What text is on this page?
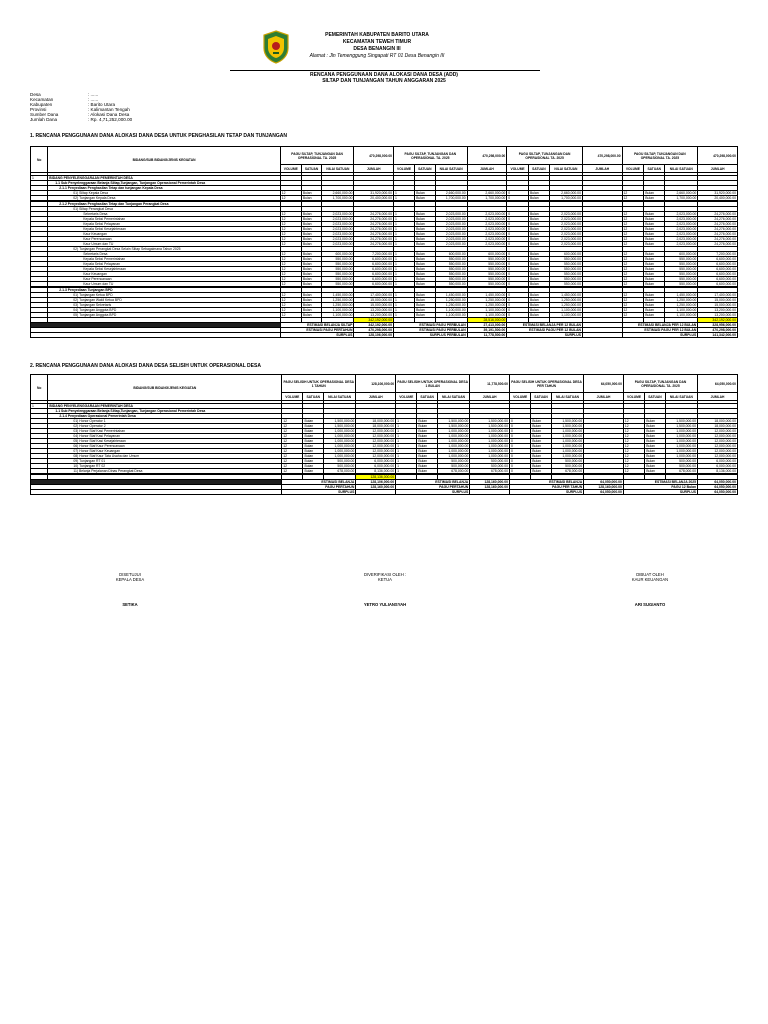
PEMERINTAH KABUPATEN BARITO UTARA
KECAMATAN TEWEH TIMUR
DESA BENANGIN III
Alamat : Jln Temenggung Singapati RT 01 Desa Benangin III
RENCANA PENGGUNAAN DANA ALOKASI DANA DESA (ADD)
SILTAP DAN TUNJANGAN TAHUN ANGGARAN 2025
Desa	: ......
Kecamatan	: ......
Kabupaten	: Barito Utara
Provinsi	: Kalimantan Tengah
Sumber Dana	: Alokasi Dana Desa
Jumlah Dana	: Rp. 4,71,252,000.00
1. RENCANA PENGGUNAAN DANA ALOKASI DANA DESA UNTUK PENGHASILAN TETAP DAN TUNJANGAN
No	BIDANG/SUB BIDANG/JENIS KEGIATAN	PAGU SILTAP, TUNJANGAN DAN OPERASIONAL TA. 2025			470,298,000.00	PAGU SILTAP, TUNJANGAN DAN OPERASIONAL TA. 2025			470,298,000.00	PAGU SILTAP, TUNJANGAN DAN OPERASIONAL TA. 2025			470,298,000.00	PAGU SILTAP, TUNJANGAN DAN OPERASIONAL TA. 2025			470,298,000.00
		VOLUME	SATUAN	NILAI SATUAN	JUMLAH	VOLUME	SATUAN	NILAI SATUAN	JUMLAH	VOLUME	SATUAN	NILAI SATUAN	JUMLAH	VOLUME	SATUAN	NILAI SATUAN	JUMLAH

1	BIDANG PENYELENGGARAAN PEMERINTAH DESA																
	1.1 Sub Penyelenggaraan Belanja Siltap,Tunjangan, Tunjangan Operasional Pemerintah Desa																
	2.1.1 Penyediaan Penghasilan Tetap dan tunjangan Kepala Desa																
	01) Siltap Kepala Desa	12	Bulan	2,660,000.00	31,920,000.00	1	Bulan	2,660,000.00	2,660,000.00	0	Bulan	2,660,000.00		12	Bulan	2,660,000.00	31,920,000.00
	02) Tunjangan Kepala Desa	12	Bulan	1,700,000.00	20,400,000.00	1	Bulan	1,700,000.00	1,700,000.00	0	Bulan	1,700,000.00		12	Bulan	1,700,000.00	20,400,000.00

	2.1.2 Penyediaan Penghasilan Tetap dan Tunjangan Perangkat Desa																
	01) Siltap Perangkat Desa																
	Sekretaris Desa	12	Bulan	2,023,000.00	24,276,000.00	1	Bulan	2,023,000.00	2,023,000.00	0	Bulan	2,023,000.00		12	Bulan	2,023,000.00	24,276,000.00
	Kepala Seksi Pemerintahan	12	Bulan	2,023,000.00	24,276,000.00	1	Bulan	2,023,000.00	2,023,000.00	0	Bulan	2,023,000.00		12	Bulan	2,023,000.00	24,276,000.00
	Kepala Seksi Pelayanan	12	Bulan	2,023,000.00	24,276,000.00	1	Bulan	2,023,000.00	2,023,000.00	0	Bulan	2,023,000.00		12	Bulan	2,023,000.00	24,276,000.00
	Kepala Seksi Kesejahteraan	12	Bulan	2,023,000.00	24,276,000.00	1	Bulan	2,023,000.00	2,023,000.00	0	Bulan	2,023,000.00		12	Bulan	2,023,000.00	24,276,000.00
	Kaur Keuangan	12	Bulan	2,023,000.00	24,276,000.00	1	Bulan	2,023,000.00	2,023,000.00	0	Bulan	2,023,000.00		12	Bulan	2,023,000.00	24,276,000.00
	Kaur Perencanaan	12	Bulan	2,023,000.00	24,276,000.00	1	Bulan	2,023,000.00	2,023,000.00	0	Bulan	2,023,000.00		12	Bulan	2,023,000.00	24,276,000.00
	Kaur Umum dan TU	12	Bulan	2,023,000.00	24,276,000.00	1	Bulan	2,023,000.00	2,023,000.00	0	Bulan	2,023,000.00		12	Bulan	2,023,000.00	24,276,000.00
	02) Tunjangan Perangkat Desa Selain Siltap Sebagaimana Tahun 2025																
	Sekretaris Desa	12	Bulan	600,000.00	7,200,000.00	1	Bulan	600,000.00	600,000.00	0	Bulan	600,000.00		12	Bulan	600,000.00	7,200,000.00
	Kepala Seksi Pemerintahan	12	Bulan	550,000.00	6,600,000.00	1	Bulan	550,000.00	550,000.00	0	Bulan	550,000.00		12	Bulan	550,000.00	6,600,000.00
	Kepala Seksi Pelayanan	12	Bulan	550,000.00	6,600,000.00	1	Bulan	550,000.00	550,000.00	0	Bulan	550,000.00		12	Bulan	550,000.00	6,600,000.00
	Kepala Seksi Kesejahteraan	12	Bulan	550,000.00	6,600,000.00	1	Bulan	550,000.00	550,000.00	0	Bulan	550,000.00		12	Bulan	550,000.00	6,600,000.00
	Kaur Keuangan	12	Bulan	550,000.00	6,600,000.00	1	Bulan	550,000.00	550,000.00	0	Bulan	550,000.00		12	Bulan	550,000.00	6,600,000.00
	Kaur Perencanaan	12	Bulan	550,000.00	6,600,000.00	1	Bulan	550,000.00	550,000.00	0	Bulan	550,000.00		12	Bulan	550,000.00	6,600,000.00
	Kaur Umum dan TU	12	Bulan	550,000.00	6,600,000.00	1	Bulan	550,000.00	550,000.00	0	Bulan	550,000.00		12	Bulan	550,000.00	6,600,000.00

	2.1.3 Penyediaan Tunjangan BPD																
	01) Tunjangan Ketua BPD	12	Bulan	1,450,000.00	17,400,000.00	1	Bulan	1,450,000.00	1,450,000.00	0	Bulan	1,450,000.00		12	Bulan	1,450,000.00	17,400,000.00
	02) Tunjangan Wakil Ketua BPD	12	Bulan	1,250,000.00	15,000,000.00	1	Bulan	1,250,000.00	1,250,000.00	0	Bulan	1,250,000.00		12	Bulan	1,250,000.00	15,000,000.00
	03) Tunjangan Sekretaris	12	Bulan	1,250,000.00	15,000,000.00	1	Bulan	1,250,000.00	1,250,000.00	0	Bulan	1,250,000.00		12	Bulan	1,250,000.00	15,000,000.00
	04) Tunjangan Anggota BPD	12	Bulan	1,100,000.00	13,200,000.00	1	Bulan	1,100,000.00	1,100,000.00	0	Bulan	1,100,000.00		12	Bulan	1,100,000.00	13,200,000.00
	05) Tunjangan Anggota BPD	12	Bulan	1,100,000.00	13,200,000.00	1	Bulan	1,100,000.00	1,100,000.00	0	Bulan	1,100,000.00		12	Bulan	1,100,000.00	13,200,000.00
					342,192,000.00				28,516,000.00								342,192,000.00
		ESTIMASI BELANJA SILTAP			342,192,000.00	ESTIMASI PAGU PERBULAN			27,413,000.00	ESTIMASI BELANJA PER 12 BULAN				ESTIMASI BELANJA PER 12 BULAN			328,956,000.00
		ESTIMASI PAGU PERTAHUN			470,298,000.00	ESTIMASI PAGU PERBULAN			39,191,500.00	ESTIMASI PAGU PER 12 BULAN				ESTIMASI PAGU PER 12 BULAN			470,298,000.00
		SURPLUS			128,106,000.00	SURPLUS PERBULAN			11,778,500.00	SURPLUS				SURPLUS			141,342,000.00
2. RENCANA PENGGUNAAN DANA ALOKASI DANA DESA SELISIH UNTUK OPERASIONAL DESA
No	BIDANG/SUB BIDANG/JENIS KEGIATAN	PAGU SELISIH UNTUK OPERASIONAL DESA 1 TAHUN			128,106,000.00	PAGU SELISIH UNTUK OPERASIONAL DESA 1 BULAN			11,778,500.00	PAGU SELISIH UNTUK OPERASIONAL DESA PER TAHUN			64,050,000.00	PAGU SILTAP, TUNJANGAN DAN OPERASIONAL TA. 2025			64,050,000.00
		VOLUME	SATUAN	NILAI SATUAN	JUMLAH	VOLUME	SATUAN	NILAI SATUAN	JUMLAH	VOLUME	SATUAN	NILAI SATUAN	JUMLAH	VOLUME	SATUAN	NILAI SATUAN	JUMLAH

1	BIDANG PENYELENGGARAAN PEMERINTAH DESA																
	1.1 Sub Penyelenggaraan Belanja Siltap,Tunjangan, Tunjangan Operasional Pemerintah Desa																
	2.1.4 Penyediaan Operasional Pemerintah Desa																
	01) Honor Operator 1	12	Bulan	1,500,000.00	18,000,000.00	1	Bulan	1,500,000.00	1,500,000.00	0	Bulan	1,500,000.00		12	Bulan	1,500,000.00	18,000,000.00
	02) Honor Operator 2	12	Bulan	1,500,000.00	18,000,000.00	1	Bulan	1,500,000.00	1,500,000.00	0	Bulan	1,500,000.00		12	Bulan	1,500,000.00	18,000,000.00
	03) Honor Staf Kasi Pemerintahan	12	Bulan	1,000,000.00	12,000,000.00	1	Bulan	1,000,000.00	1,000,000.00	0	Bulan	1,000,000.00		12	Bulan	1,000,000.00	12,000,000.00
	04) Honor Staf Kasi Pelayanan	12	Bulan	1,000,000.00	12,000,000.00	1	Bulan	1,000,000.00	1,000,000.00	0	Bulan	1,000,000.00		12	Bulan	1,000,000.00	12,000,000.00
	05) Honor Staf Kasi Kesejahteraan	12	Bulan	1,000,000.00	12,000,000.00	1	Bulan	1,000,000.00	1,000,000.00	0	Bulan	1,000,000.00		12	Bulan	1,000,000.00	12,000,000.00
	06) Honor Staf Kaur Perencanaan	12	Bulan	1,000,000.00	12,000,000.00	1	Bulan	1,000,000.00	1,000,000.00	0	Bulan	1,000,000.00		12	Bulan	1,000,000.00	12,000,000.00
	07) Honor Staf Kaur Keuangan	12	Bulan	1,000,000.00	12,000,000.00	1	Bulan	1,000,000.00	1,000,000.00	0	Bulan	1,000,000.00		12	Bulan	1,000,000.00	12,000,000.00
	08) Honor Staf Kaur Tata Usaha dan Umum	12	Bulan	1,000,000.00	12,000,000.00	1	Bulan	1,000,000.00	1,000,000.00	0	Bulan	1,000,000.00		12	Bulan	1,000,000.00	12,000,000.00
	09) Tunjangan RT 01	12	Bulan	500,000.00	6,000,000.00	1	Bulan	500,000.00	500,000.00	0	Bulan	500,000.00		12	Bulan	500,000.00	6,000,000.00
	10) Tunjangan RT 02	12	Bulan	500,000.00	6,000,000.00	1	Bulan	500,000.00	500,000.00	0	Bulan	500,000.00		12	Bulan	500,000.00	6,000,000.00
	11) Belanja Perjalanan Dinas Perangkat Desa	12	Bulan	678,000.00	8,136,000.00	1	Bulan	678,000.00	678,000.00	0	Bulan	678,000.00		12	Bulan	678,000.00	8,136,000.00

					128,136,000.00												
		ESTIMASI BELANJA			128,106,000.00	ESTIMASI BELANJA			128,160,000.00	ESTIMASI BELANJA			64,050,000.00	ESTIMASI BELANJA 2025			64,050,000.00
		PAGU PERTAHUN			128,160,000.00	PAGU PERTAHUN			128,160,000.00	PAGU PER TAHUN			128,160,000.00	PAGU 12 Bulan			64,050,000.00
		SURPLUS				SURPLUS				SURPLUS			64,050,000.00	SURPLUS			64,050,000.00
DISETUJUI
KEPALA DESA
SETIKA
DIVERIFIKASI OLEH :
KETUA
YETRO YULIANSYAH
DIBUAT OLEH
KAUR KEUANGAN
ARI SUGIANTO
